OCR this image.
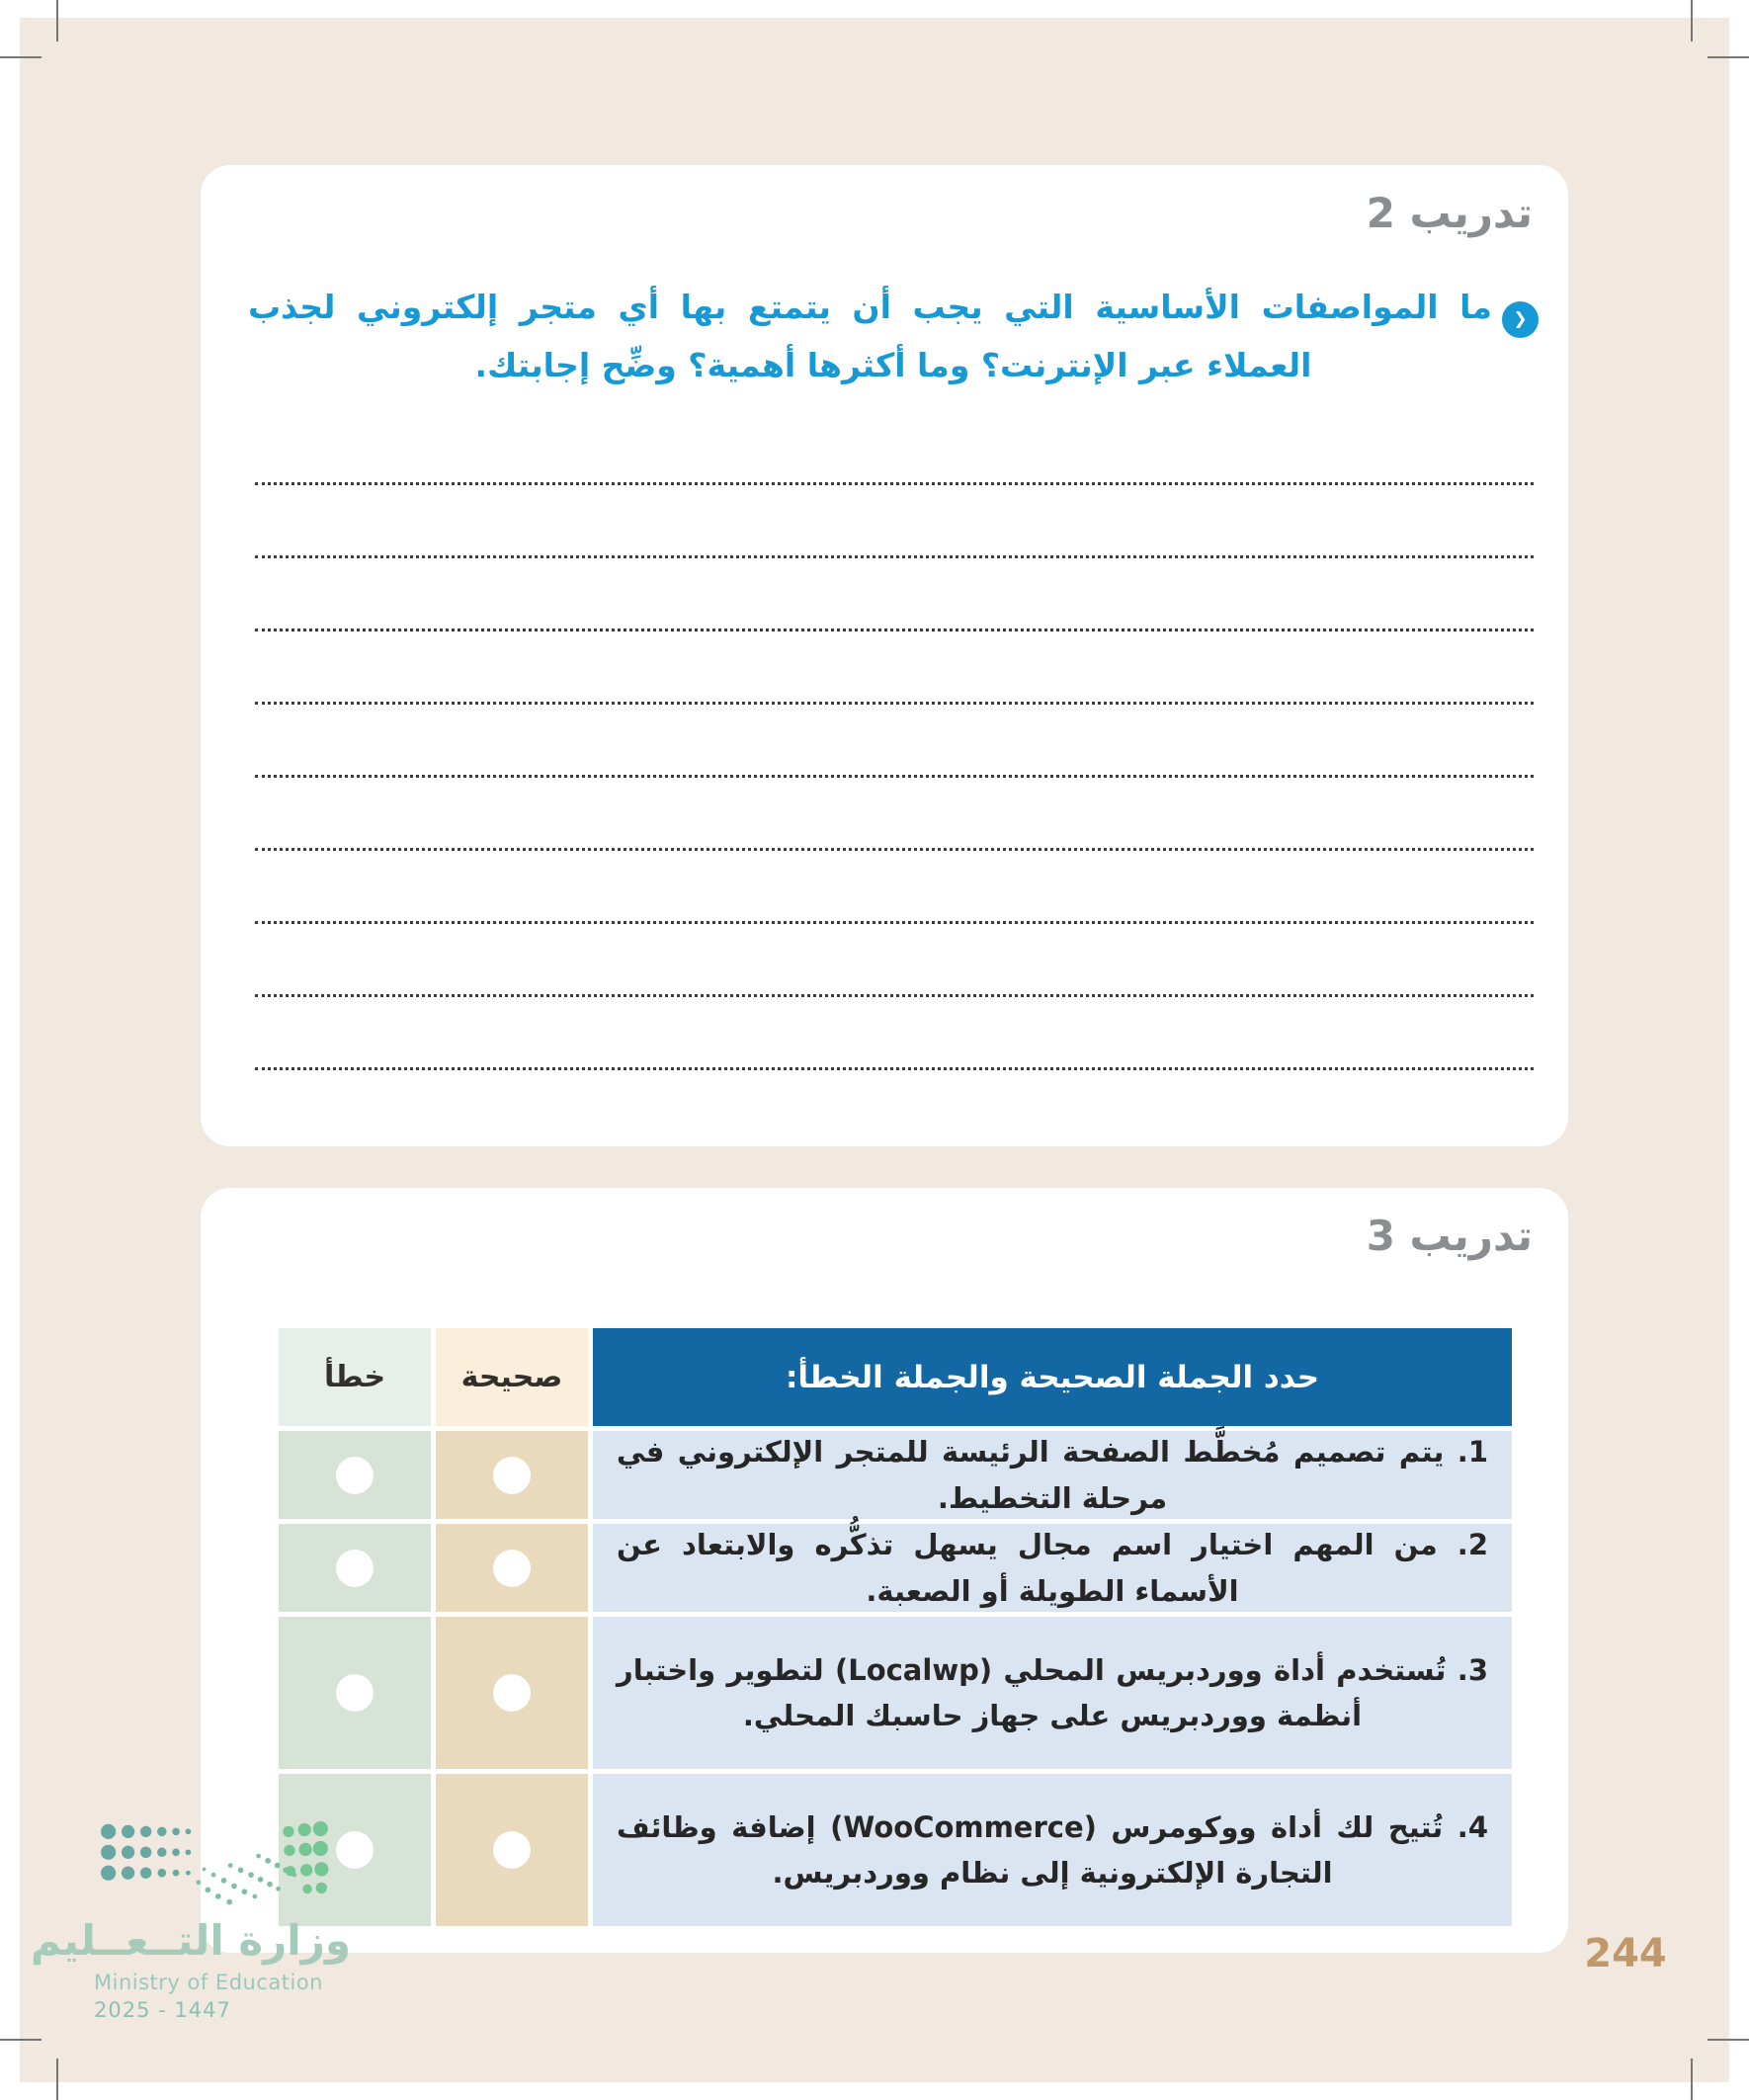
تدريب 2

❮ما المواصفات الأساسية التي يجب أن يتمتع بها أي متجر إلكتروني لجذب العملاء عبر الإنترنت؟ وما أكثرها أهمية؟ وضِّح إجابتك.

تدريب 3
حدد الجملة الصحيحة والجملة الخطأ:
صحيحة
خطأ

1. يتم تصميم مُخطَّط الصفحة الرئيسة للمتجر الإلكتروني في مرحلة التخطيط.

2. من المهم اختيار اسم مجال يسهل تذكُّره والابتعاد عن الأسماء الطويلة أو الصعبة.

3. تُستخدم أداة ووردبريس المحلي (Localwp) لتطوير واختبار أنظمة ووردبريس على جهاز حاسبك المحلي.

4. تُتيح لك أداة ووكومرس (WooCommerce) إضافة وظائف التجارة الإلكترونية إلى نظام ووردبريس.

وزارة التــعــليم
Ministry of Education
2025 - 1447
244
